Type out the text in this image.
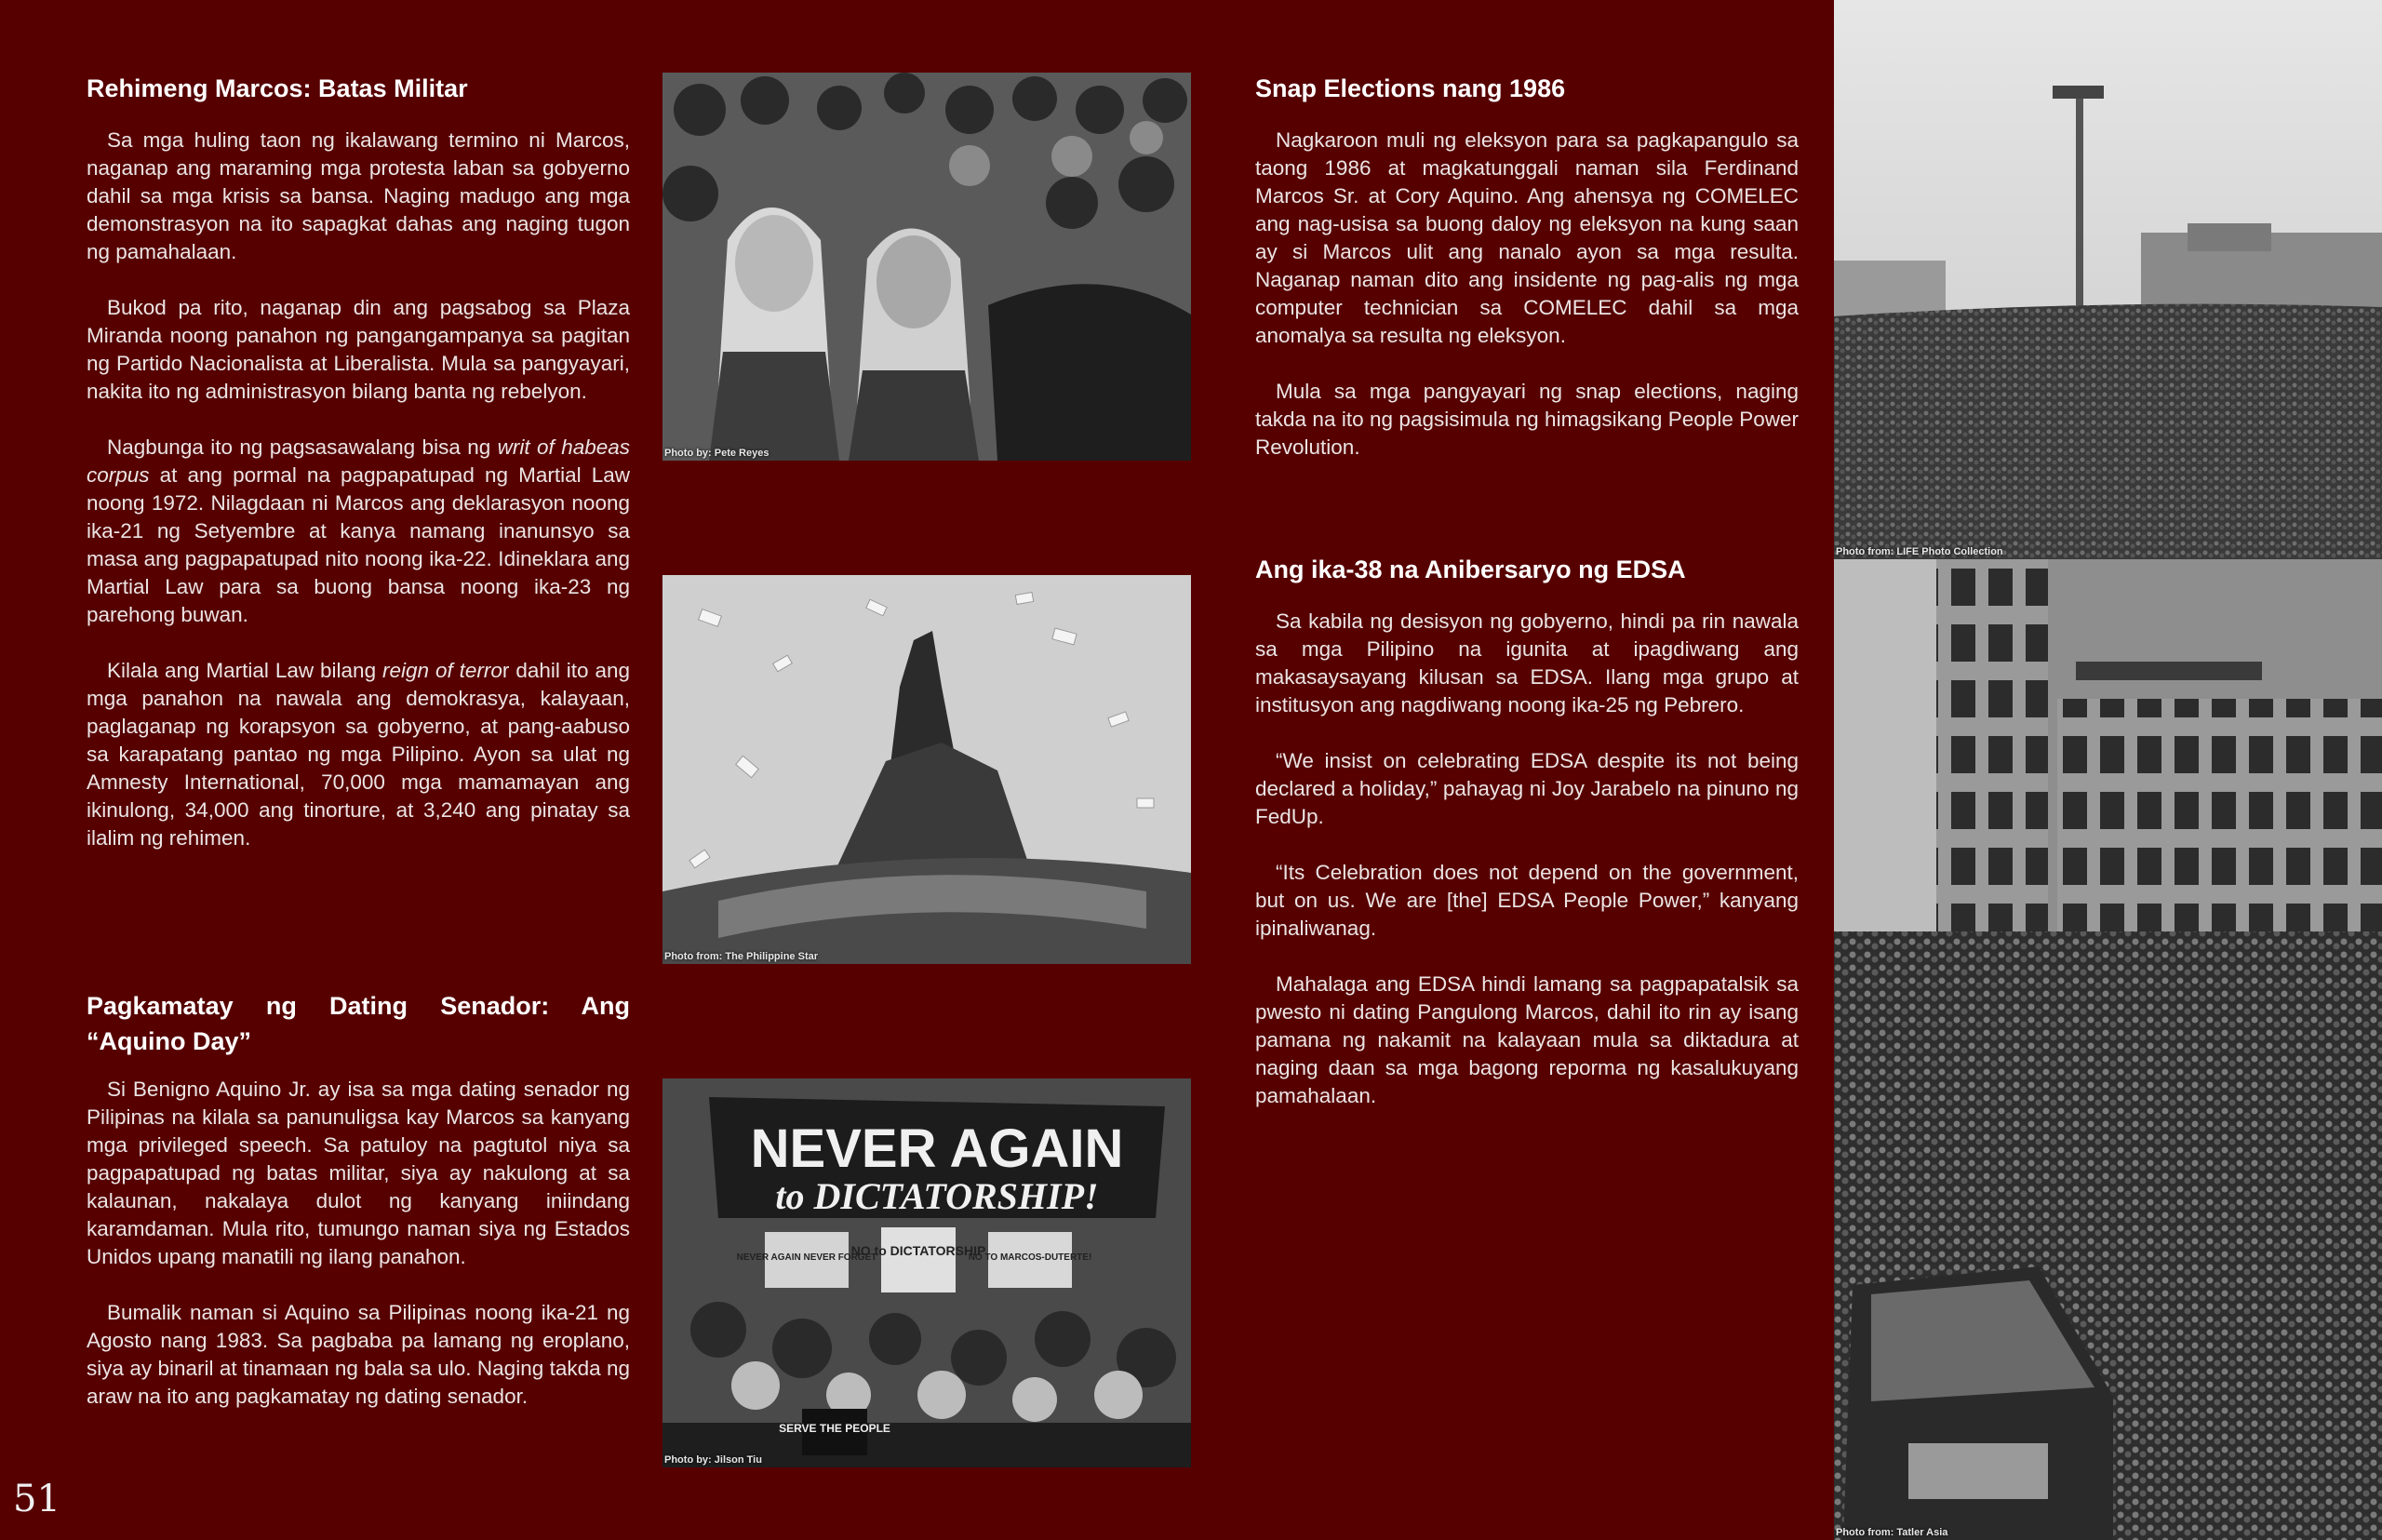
Rehimeng Marcos: Batas Militar

Sa mga huling taon ng ikalawang termino ni Marcos, naganap ang maraming mga protesta laban sa gobyerno dahil sa mga krisis sa bansa. Naging madugo ang mga demonstrasyon na ito sapagkat dahas ang naging tugon ng pamahalaan.

Bukod pa rito, naganap din ang pagsabog sa Plaza Miranda noong panahon ng pangangampanya sa pagitan ng Partido Nacionalista at Liberalista. Mula sa pangyayari, nakita ito ng administrasyon bilang banta ng rebelyon.

Nagbunga ito ng pagsasawalang bisa ng writ of habeas corpus at ang pormal na pagpapatupad ng Martial Law noong 1972. Nilagdaan ni Marcos ang deklarasyon noong ika-21 ng Setyembre at kanya namang inanunsyo sa masa ang pagpapatupad nito noong ika-22. Idineklara ang Martial Law para sa buong bansa noong ika-23 ng parehong buwan.

Kilala ang Martial Law bilang reign of terror dahil ito ang mga panahon na nawala ang demokrasya, kalayaan, paglaganap ng korapsyon sa gobyerno, at pang-aabuso sa karapatang pantao ng mga Pilipino. Ayon sa ulat ng Amnesty International, 70,000 mga mamamayan ang ikinulong, 34,000 ang tinorture, at 3,240 ang pinatay sa ilalim ng rehimen.

Pagkamatay ng Dating Senador: Ang “Aquino Day”

Si Benigno Aquino Jr. ay isa sa mga dating senador ng Pilipinas na kilala sa panunuligsa kay Marcos sa kanyang mga privileged speech. Sa patuloy na pagtutol niya sa pagpapatupad ng batas militar, siya ay nakulong at sa kalaunan, nakalaya dulot ng kanyang iniindang karamdaman. Mula rito, tumungo naman siya ng Estados Unidos upang manatili ng ilang panahon.

Bumalik naman si Aquino sa Pilipinas noong ika-21 ng Agosto nang 1983. Sa pagbaba pa lamang ng eroplano, siya ay binaril at tinamaan ng bala sa ulo. Naging takda ng araw na ito ang pagkamatay ng dating senador.

Photo by: Pete Reyes
Photo from: The Philippine Star
NEVER AGAIN
to DICTATORSHIP!
NO to DICTATORSHIP
NEVER AGAIN NEVER FORGET	NO TO MARCOS-DUTERTE!
SERVE THE PEOPLE
Photo by: Jilson Tiu
Snap Elections nang 1986

Nagkaroon muli ng eleksyon para sa pagkapangulo sa taong 1986 at magkatunggali naman sila Ferdinand Marcos Sr. at Cory Aquino. Ang ahensya ng COMELEC ang nag-usisa sa buong daloy ng eleksyon na kung saan ay si Marcos ulit ang nanalo ayon sa mga resulta. Naganap naman dito ang insidente ng pag-alis ng mga computer technician sa COMELEC dahil sa mga anomalya sa resulta ng eleksyon.

Mula sa mga pangyayari ng snap elections, naging takda na ito ng pagsisimula ng himagsikang People Power Revolution.

Ang ika-38 na Anibersaryo ng EDSA

Sa kabila ng desisyon ng gobyerno, hindi pa rin nawala sa mga Pilipino na igunita at ipagdiwang ang makasaysayang kilusan sa EDSA. Ilang mga grupo at institusyon ang nagdiwang noong ika-25 ng Pebrero.

“We insist on celebrating EDSA despite its not being declared a holiday,” pahayag ni Joy Jarabelo na pinuno ng FedUp.

“Its Celebration does not depend on the government, but on us. We are [the] EDSA People Power,” kanyang ipinaliwanag.

Mahalaga ang EDSA hindi lamang sa pagpapatalsik sa pwesto ni dating Pangulong Marcos, dahil ito rin ay isang pamana ng nakamit na kalayaan mula sa diktadura at naging daan sa mga bagong reporma ng kasalukuyang pamahalaan.

Photo from: LIFE Photo Collection
Photo from: Tatler Asia
51
